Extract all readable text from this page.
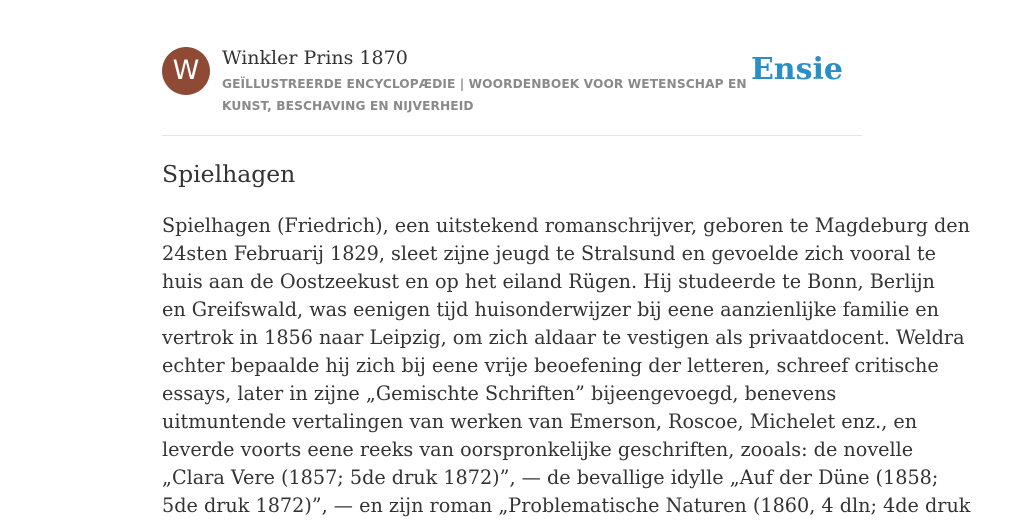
W	Winkler Prins 1870
GEÏLLUSTREERDE ENCYCLOPÆDIE | WOORDENBOEK VOOR WETENSCHAP EN KUNST, BESCHAVING EN NIJVERHEID
Ensie
Spielhagen
Spielhagen (Friedrich), een uitstekend romanschrijver, geboren te Magdeburg den
24sten Februarij 1829, sleet zijne jeugd te Stralsund en gevoelde zich vooral te
huis aan de Oostzeekust en op het eiland Rügen. Hij studeerde te Bonn, Berlijn
en Greifswald, was eenigen tijd huisonderwijzer bij eene aanzienlijke familie en
vertrok in 1856 naar Leipzig, om zich aldaar te vestigen als privaatdocent. Weldra
echter bepaalde hij zich bij eene vrije beoefening der letteren, schreef critische
essays, later in zijne „Gemischte Schriften” bijeengevoegd, benevens
uitmuntende vertalingen van werken van Emerson, Roscoe, Michelet enz., en
leverde voorts eene reeks van oorspronkelijke geschriften, zooals: de novelle
„Clara Vere (1857; 5de druk 1872)”, — de bevallige idylle „Auf der Düne (1858;
5de druk 1872)”, — en zijn roman „Problematische Naturen (1860, 4 dln; 4de druk
